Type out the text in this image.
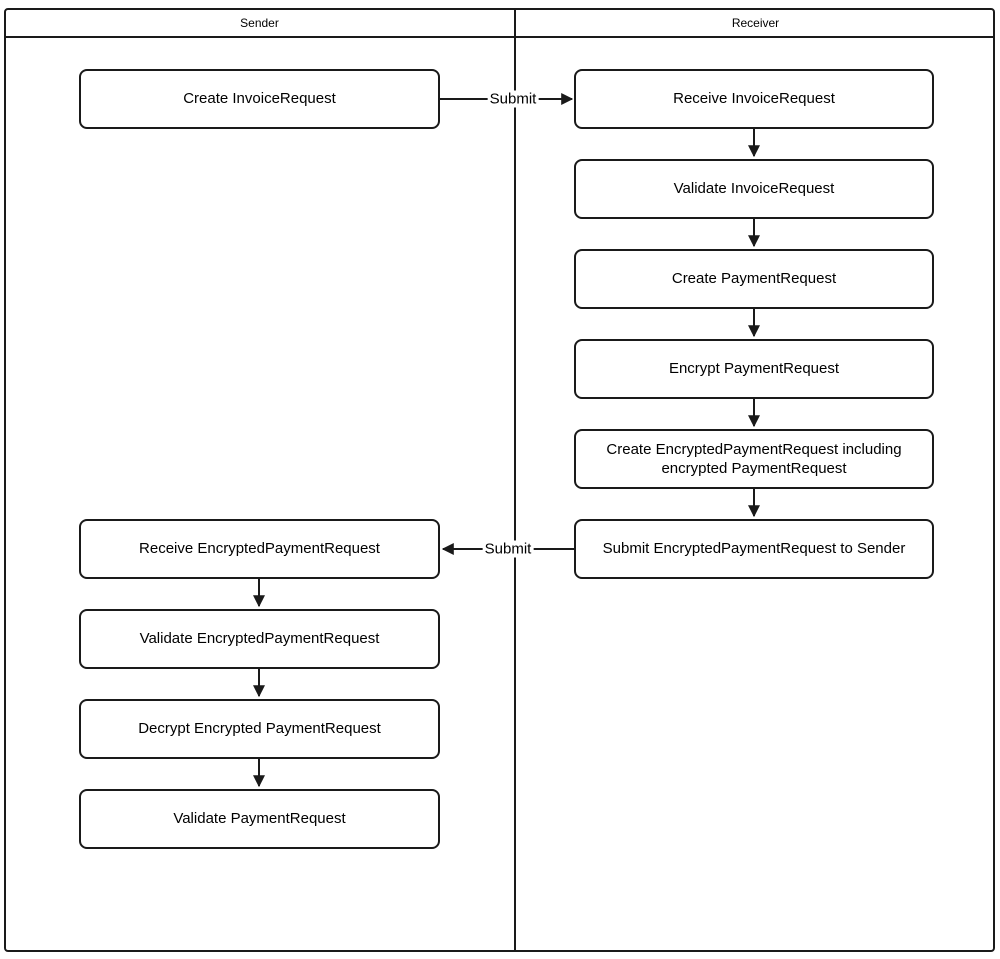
Sender	Receiver
Submit
Submit
Create InvoiceRequest
Receive EncryptedPaymentRequest
Validate EncryptedPaymentRequest
Decrypt Encrypted PaymentRequest
Validate PaymentRequest
Receive InvoiceRequest
Validate InvoiceRequest
Create PaymentRequest
Encrypt PaymentRequest
Create EncryptedPaymentRequest including encrypted PaymentRequest
Submit EncryptedPaymentRequest to Sender
